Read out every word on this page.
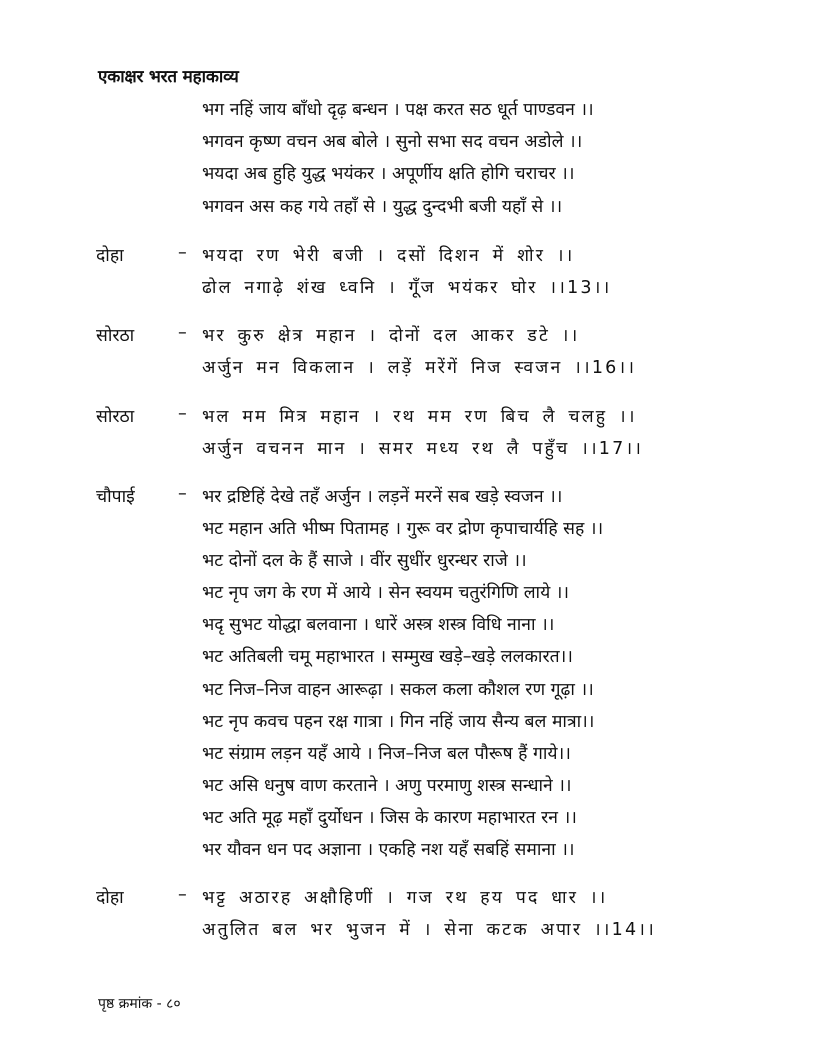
एकाक्षर भरत महाकाव्य
भग नहिं जाय बाँधो दृढ़ बन्धन । पक्ष करत सठ धूर्त पाण्डवन ।।
भगवन कृष्ण वचन अब बोले । सुनो सभा सद वचन अडोले ।।
भयदा अब हुहि युद्ध भयंकर । अपूर्णीय क्षति होगि चराचर ।।
भगवन अस कह गये तहाँ से । युद्ध दुन्दभी बजी यहाँ से ।।
दोहा	– भयदा रण भेरी बजी । दसों दिशन में शोर ।।
ढोल नगाढ़े शंख ध्वनि । गूँज भयंकर घोर ।।13।।
सोरठा	– भर कुरु क्षेत्र महान । दोनों दल आकर डटे ।।
अर्जुन मन विकलान । लड़ें मरेंगें निज स्वजन ।।16।।
सोरठा	– भल मम मित्र महान । रथ मम रण बिच लै चलहु ।।
अर्जुन वचनन मान । समर मध्य रथ लै पहुँच ।।17।।
चौपाई – भर द्रष्टिहिं देखे तहँ अर्जुन । लड़नें मरनें सब खड़े स्वजन ।।
भट महान अति भीष्म पितामह । गुरू वर द्रोण कृपाचार्यहि सह ।।
भट दोनों दल के हैं साजे । वींर सुधींर धुरन्धर राजे ।।
भट नृप जग के रण में आये । सेन स्वयम चतुरंगिणि लाये ।।
भदृ सुभट योद्धा बलवाना । धारें अस्त्र शस्त्र विधि नाना ।।
भट अतिबली चमू महाभारत । सम्मुख खड़े–खड़े ललकारत।।
भट निज–निज वाहन आरूढ़ा । सकल कला कौशल रण गूढ़ा ।।
भट नृप कवच पहन रक्ष गात्रा । गिन नहिं जाय सैन्य बल मात्रा।।
भट संग्राम लड़न यहँ आये । निज–निज बल पौरूष हैं गाये।।
भट असि धनुष वाण करताने । अणु परमाणु शस्त्र सन्धाने ।।
भट अति मूढ़ महाँ दुर्योधन । जिस के कारण महाभारत रन ।।
भर यौवन धन पद अज्ञाना । एकहि नश यहँ सबहिं समाना ।।
दोहा	– भट्ट अठारह अक्षौहिणीं । गज रथ हय पद धार ।।
अतुलित बल भर भुजन में । सेना कटक अपार ।।14।।
पृष्ठ क्रमांक - ८०
